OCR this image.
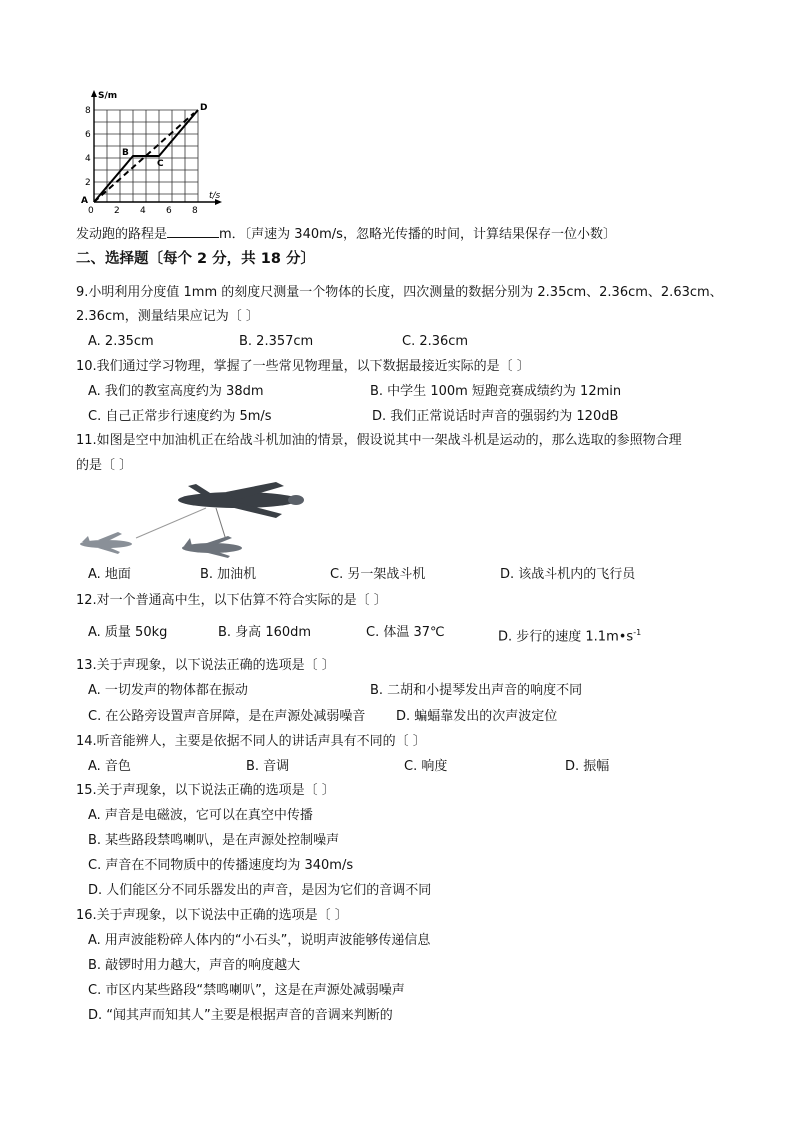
S/m
t/s
8
6
4
2
0 2 4 6 8
A
B
C
D
发动跑的路程是	m．〔声速为 340m/s，忽略光传播的时间，计算结果保存一位小数〕
二、选择题〔每个 2 分，共 18 分〕
9.小明利用分度值 1mm 的刻度尺测量一个物体的长度，四次测量的数据分别为 2.35cm、2.36cm、2.63cm、
2.36cm，测量结果应记为〔 〕
A. 2.35cm	B. 2.357cm	C. 2.36cm
10.我们通过学习物理，掌握了一些常见物理量，以下数据最接近实际的是〔 〕
A. 我们的教室高度约为 38dm	B. 中学生 100m 短跑竞赛成绩约为 12min
C. 自己正常步行速度约为 5m/s	D. 我们正常说话时声音的强弱约为 120dB
11.如图是空中加油机正在给战斗机加油的情景，假设说其中一架战斗机是运动的，那么选取的参照物合理
的是〔 〕
A. 地面	B. 加油机	C. 另一架战斗机	D. 该战斗机内的飞行员
12.对一个普通高中生，以下估算不符合实际的是〔 〕
A. 质量 50kg	B. 身高 160dm	C. 体温 37℃	D. 步行的速度 $1.1m•s^{-1}$
13.关于声现象，以下说法正确的选项是〔 〕
A. 一切发声的物体都在振动	B. 二胡和小提琴发出声音的响度不同
C. 在公路旁设置声音屏障，是在声源处减弱噪音 D. 蝙蝠靠发出的次声波定位
14.听音能辨人，主要是依据不同人的讲话声具有不同的〔 〕
A. 音色	B. 音调	C. 响度	D. 振幅
15.关于声现象，以下说法正确的选项是〔 〕
A. 声音是电磁波，它可以在真空中传播
B. 某些路段禁鸣喇叭，是在声源处控制噪声
C. 声音在不同物质中的传播速度均为 340m/s
D. 人们能区分不同乐器发出的声音，是因为它们的音调不同
16.关于声现象，以下说法中正确的选项是〔 〕
A. 用声波能粉碎人体内的“小石头”，说明声波能够传递信息
B. 敲锣时用力越大，声音的响度越大
C. 市区内某些路段“禁鸣喇叭”，这是在声源处减弱噪声
D. “闻其声而知其人”主要是根据声音的音调来判断的
